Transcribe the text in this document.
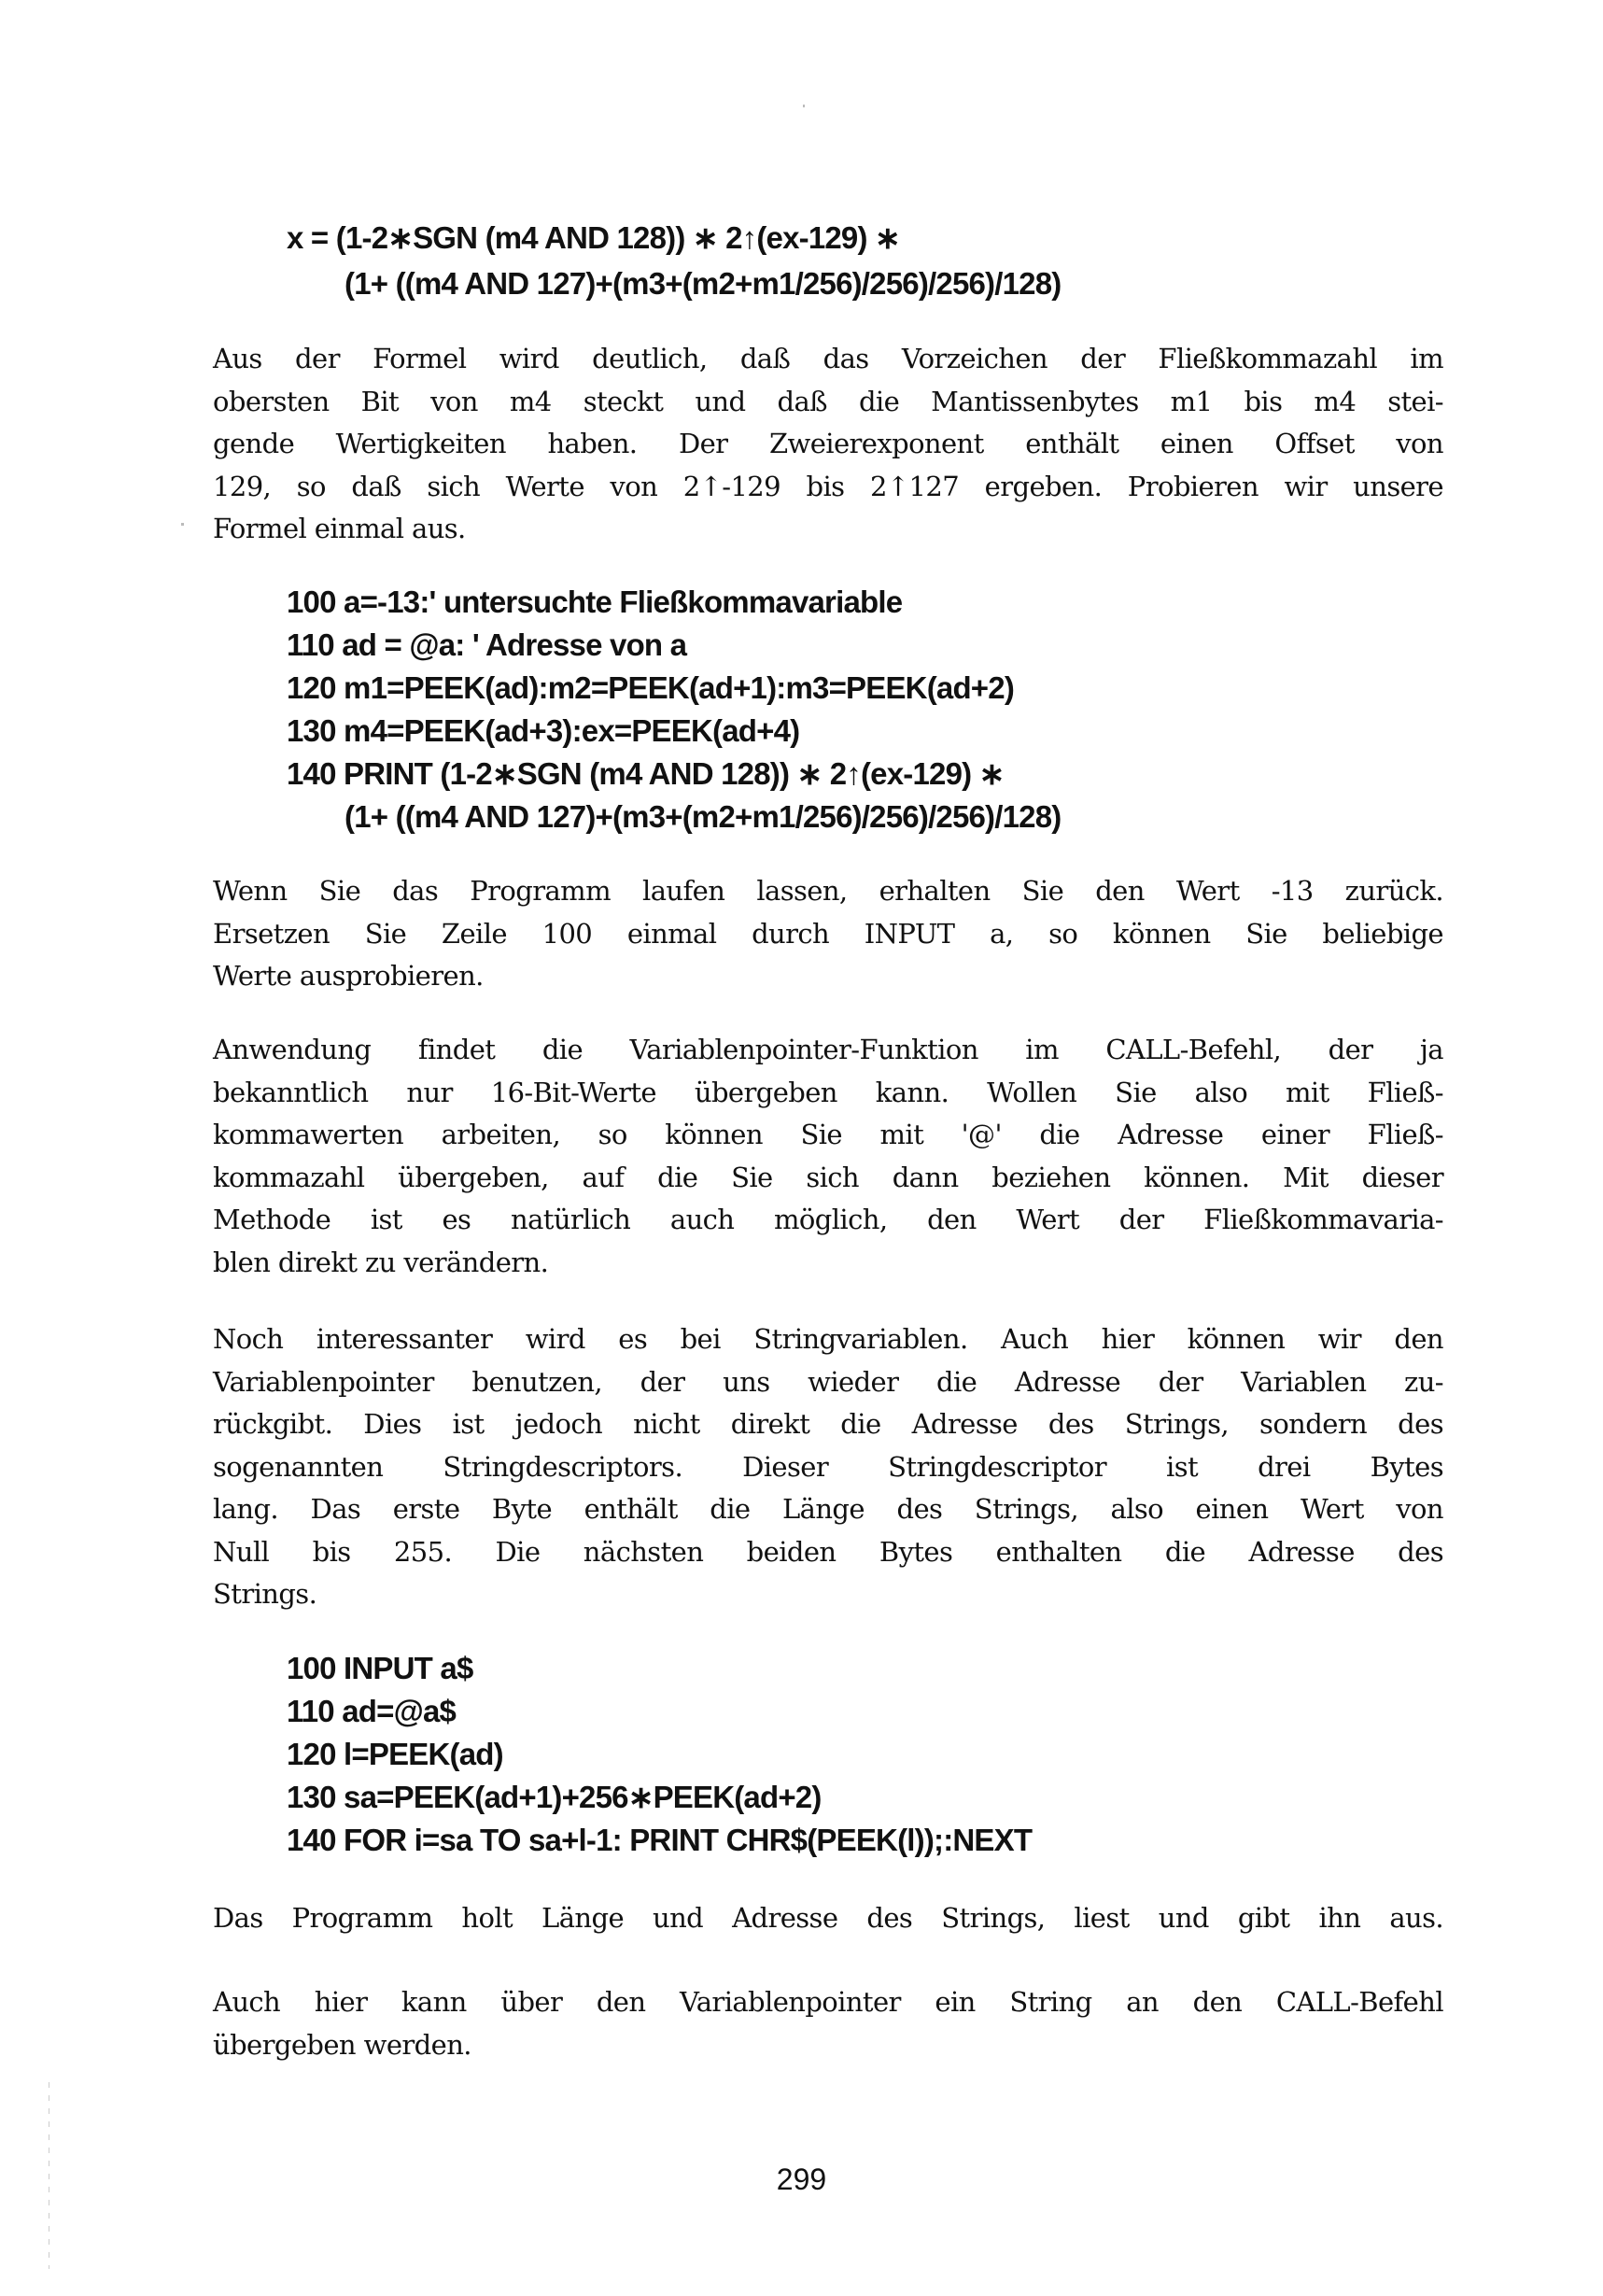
x = (1-2∗SGN (m4 AND 128)) ∗ 2↑(ex-129) ∗
(1+ ((m4 AND 127)+(m3+(m2+m1/256)/256)/256)/128)
Aus der Formel wird deutlich, daß das Vorzeichen der Fließkommazahl im
obersten Bit von m4 steckt und daß die Mantissenbytes m1 bis m4 stei-
gende Wertigkeiten haben. Der Zweierexponent enthält einen Offset von
129, so daß sich Werte von 2↑-129 bis 2↑127 ergeben. Probieren wir unsere
Formel einmal aus.
100 a=-13:' untersuchte Fließkommavariable
110 ad = @a: ' Adresse von a
120 m1=PEEK(ad):m2=PEEK(ad+1):m3=PEEK(ad+2)
130 m4=PEEK(ad+3):ex=PEEK(ad+4)
140 PRINT (1-2∗SGN (m4 AND 128)) ∗ 2↑(ex-129) ∗
(1+ ((m4 AND 127)+(m3+(m2+m1/256)/256)/256)/128)
Wenn Sie das Programm laufen lassen, erhalten Sie den Wert -13 zurück.
Ersetzen Sie Zeile 100 einmal durch INPUT a, so können Sie beliebige
Werte ausprobieren.
Anwendung findet die Variablenpointer-Funktion im CALL-Befehl, der ja
bekanntlich nur 16-Bit-Werte übergeben kann. Wollen Sie also mit Fließ-
kommawerten arbeiten, so können Sie mit '@' die Adresse einer Fließ-
kommazahl übergeben, auf die Sie sich dann beziehen können. Mit dieser
Methode ist es natürlich auch möglich, den Wert der Fließkommavaria-
blen direkt zu verändern.
Noch interessanter wird es bei Stringvariablen. Auch hier können wir den
Variablenpointer benutzen, der uns wieder die Adresse der Variablen zu-
rückgibt. Dies ist jedoch nicht direkt die Adresse des Strings, sondern des
sogenannten Stringdescriptors. Dieser Stringdescriptor ist drei Bytes
lang. Das erste Byte enthält die Länge des Strings, also einen Wert von
Null bis 255. Die nächsten beiden Bytes enthalten die Adresse des
Strings.
100 INPUT a$
110 ad=@a$
120 l=PEEK(ad)
130 sa=PEEK(ad+1)+256∗PEEK(ad+2)
140 FOR i=sa TO sa+l-1: PRINT CHR$(PEEK(l));:NEXT
Das Programm holt Länge und Adresse des Strings, liest und gibt ihn aus.
Auch hier kann über den Variablenpointer ein String an den CALL-Befehl
übergeben werden.
299
